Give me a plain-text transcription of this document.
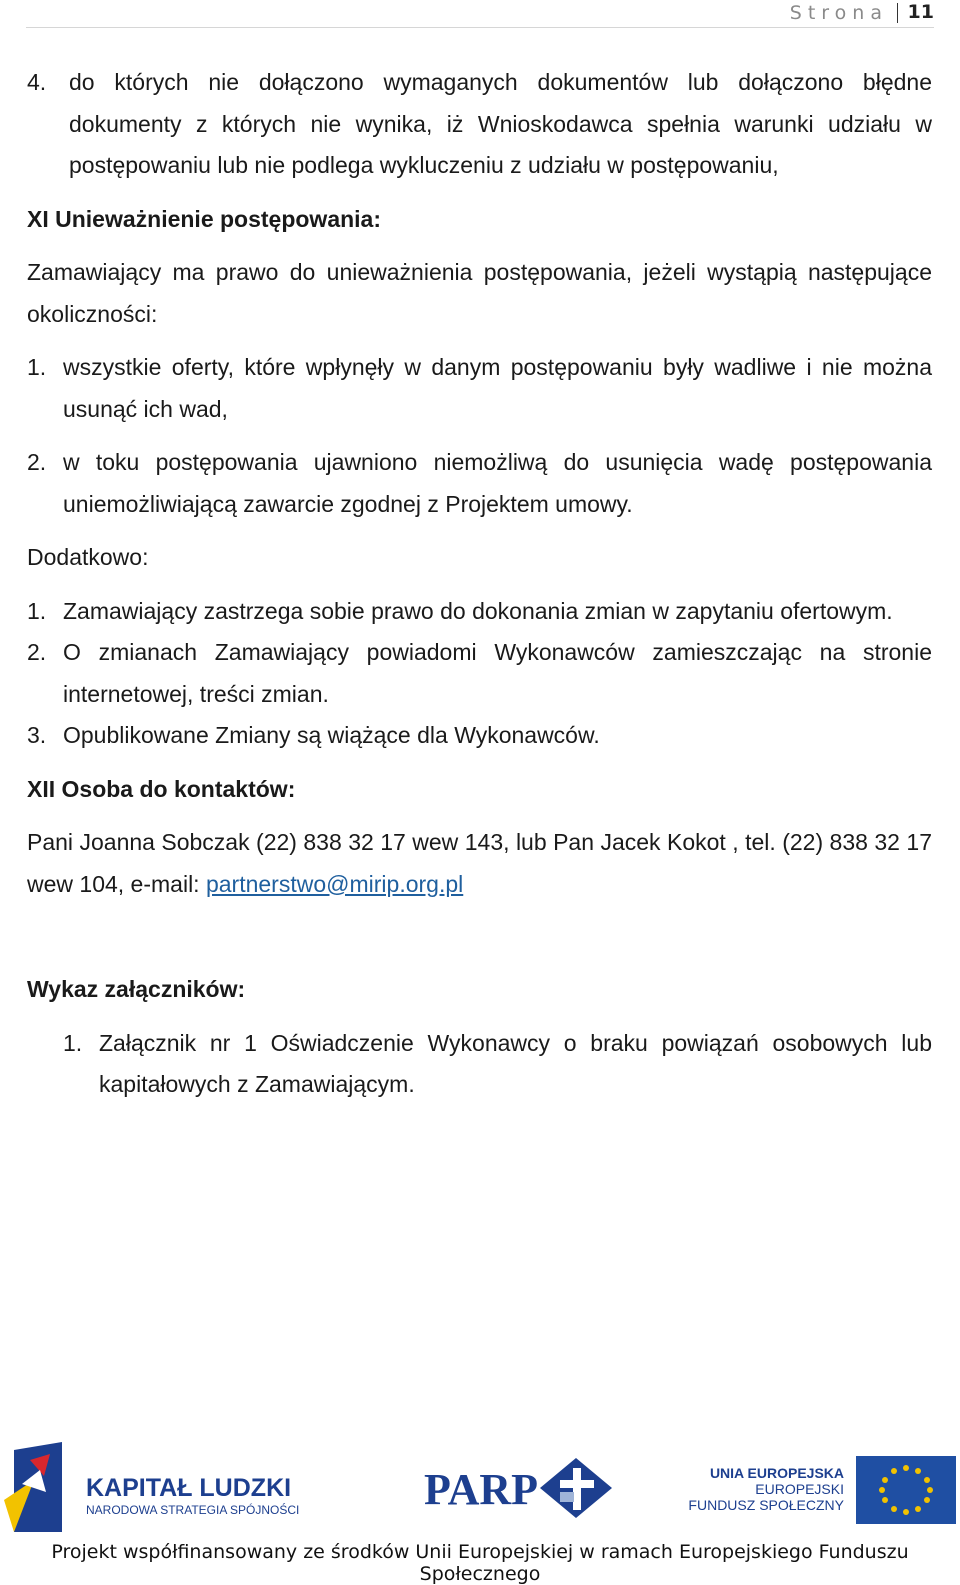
Strona 11
4. do których nie dołączono wymaganych dokumentów lub dołączono błędne dokumenty z których nie wynika, iż Wnioskodawca spełnia warunki udziału w postępowaniu lub nie podlega wykluczeniu z udziału w postępowaniu,

XI Unieważnienie postępowania:

Zamawiający ma prawo do unieważnienia postępowania, jeżeli wystąpią następujące okoliczności:

1. wszystkie oferty, które wpłynęły w danym postępowaniu były wadliwe i nie można usunąć ich wad,
2. w toku postępowania ujawniono niemożliwą do usunięcia wadę postępowania uniemożliwiającą zawarcie zgodnej z Projektem umowy.

Dodatkowo:

1. Zamawiający zastrzega sobie prawo do dokonania zmian w zapytaniu ofertowym.
2. O zmianach Zamawiający powiadomi Wykonawców zamieszczając na stronie internetowej, treści zmian.
3. Opublikowane Zmiany są wiążące dla Wykonawców.

XII Osoba do kontaktów:

Pani Joanna Sobczak (22) 838 32 17 wew 143, lub Pan Jacek Kokot , tel. (22) 838 32 17 wew 104, e-mail: partnerstwo@mirip.org.pl

Wykaz załączników:

1. Załącznik nr 1 Oświadczenie Wykonawcy o braku powiązań osobowych lub kapitałowych z Zamawiającym.
KAPITAŁ LUDZKI
NARODOWA STRATEGIA SPÓJNOŚCI	PARP	UNIA EUROPEJSKA
EUROPEJSKI
FUNDUSZ SPOŁECZNY
Projekt współfinansowany ze środków Unii Europejskiej w ramach Europejskiego Funduszu Społecznego
